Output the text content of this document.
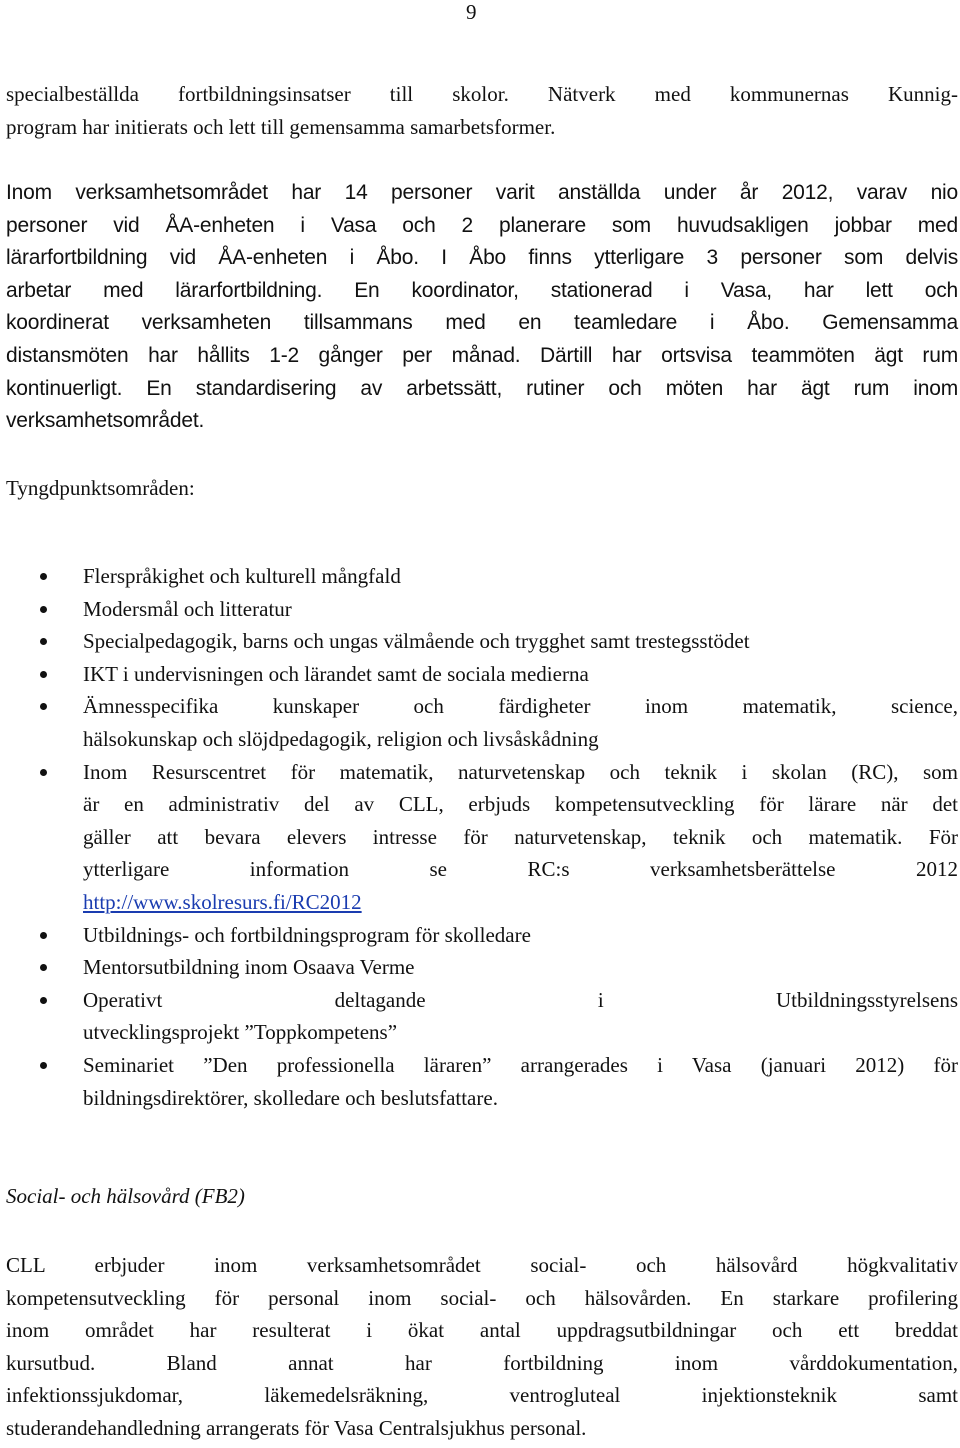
9
specialbeställda fortbildningsinsatser till skolor. Nätverk med kommunernas Kunnig-
program har initierats och lett till gemensamma samarbetsformer.
Inom verksamhetsområdet har 14 personer varit anställda under år 2012, varav nio
personer vid ÅA-enheten i Vasa och 2 planerare som huvudsakligen jobbar med
lärarfortbildning vid ÅA-enheten i Åbo. I Åbo finns ytterligare 3 personer som delvis
arbetar med lärarfortbildning. En koordinator, stationerad i Vasa, har lett och
koordinerat verksamheten tillsammans med en teamledare i Åbo. Gemensamma
distansmöten har hållits 1-2 gånger per månad. Därtill har ortsvisa teammöten ägt rum
kontinuerligt. En standardisering av arbetssätt, rutiner och möten har ägt rum inom
verksamhetsområdet.
Tyngdpunktsområden:
Flerspråkighet och kulturell mångfald
Modersmål och litteratur
Specialpedagogik, barns och ungas välmående och trygghet samt trestegsstödet
IKT i undervisningen och lärandet samt de sociala medierna
Ämnesspecifika kunskaper och färdigheter inom matematik, science,
hälsokunskap och slöjdpedagogik, religion och livsåskådning
Inom Resurscentret för matematik, naturvetenskap och teknik i skolan (RC), som
är en administrativ del av CLL, erbjuds kompetensutveckling för lärare när det
gäller att bevara elevers intresse för naturvetenskap, teknik och matematik. För
ytterligare information se RC:s verksamhetsberättelse 2012
http://www.skolresurs.fi/RC2012
Utbildnings- och fortbildningsprogram för skolledare
Mentorsutbildning inom Osaava Verme
Operativt deltagande i Utbildningsstyrelsens
utvecklingsprojekt ”Toppkompetens”
Seminariet ”Den professionella läraren” arrangerades i Vasa (januari 2012) för
bildningsdirektörer, skolledare och beslutsfattare.
Social- och hälsovård (FB2)
CLL erbjuder inom verksamhetsområdet social- och hälsovård högkvalitativ
kompetensutveckling för personal inom social- och hälsovården. En starkare profilering
inom området har resulterat i ökat antal uppdragsutbildningar och ett breddat
kursutbud. Bland annat har fortbildning inom vårddokumentation,
infektionssjukdomar, läkemedelsräkning, ventrogluteal injektionsteknik samt
studerandehandledning arrangerats för Vasa Centralsjukhus personal.
